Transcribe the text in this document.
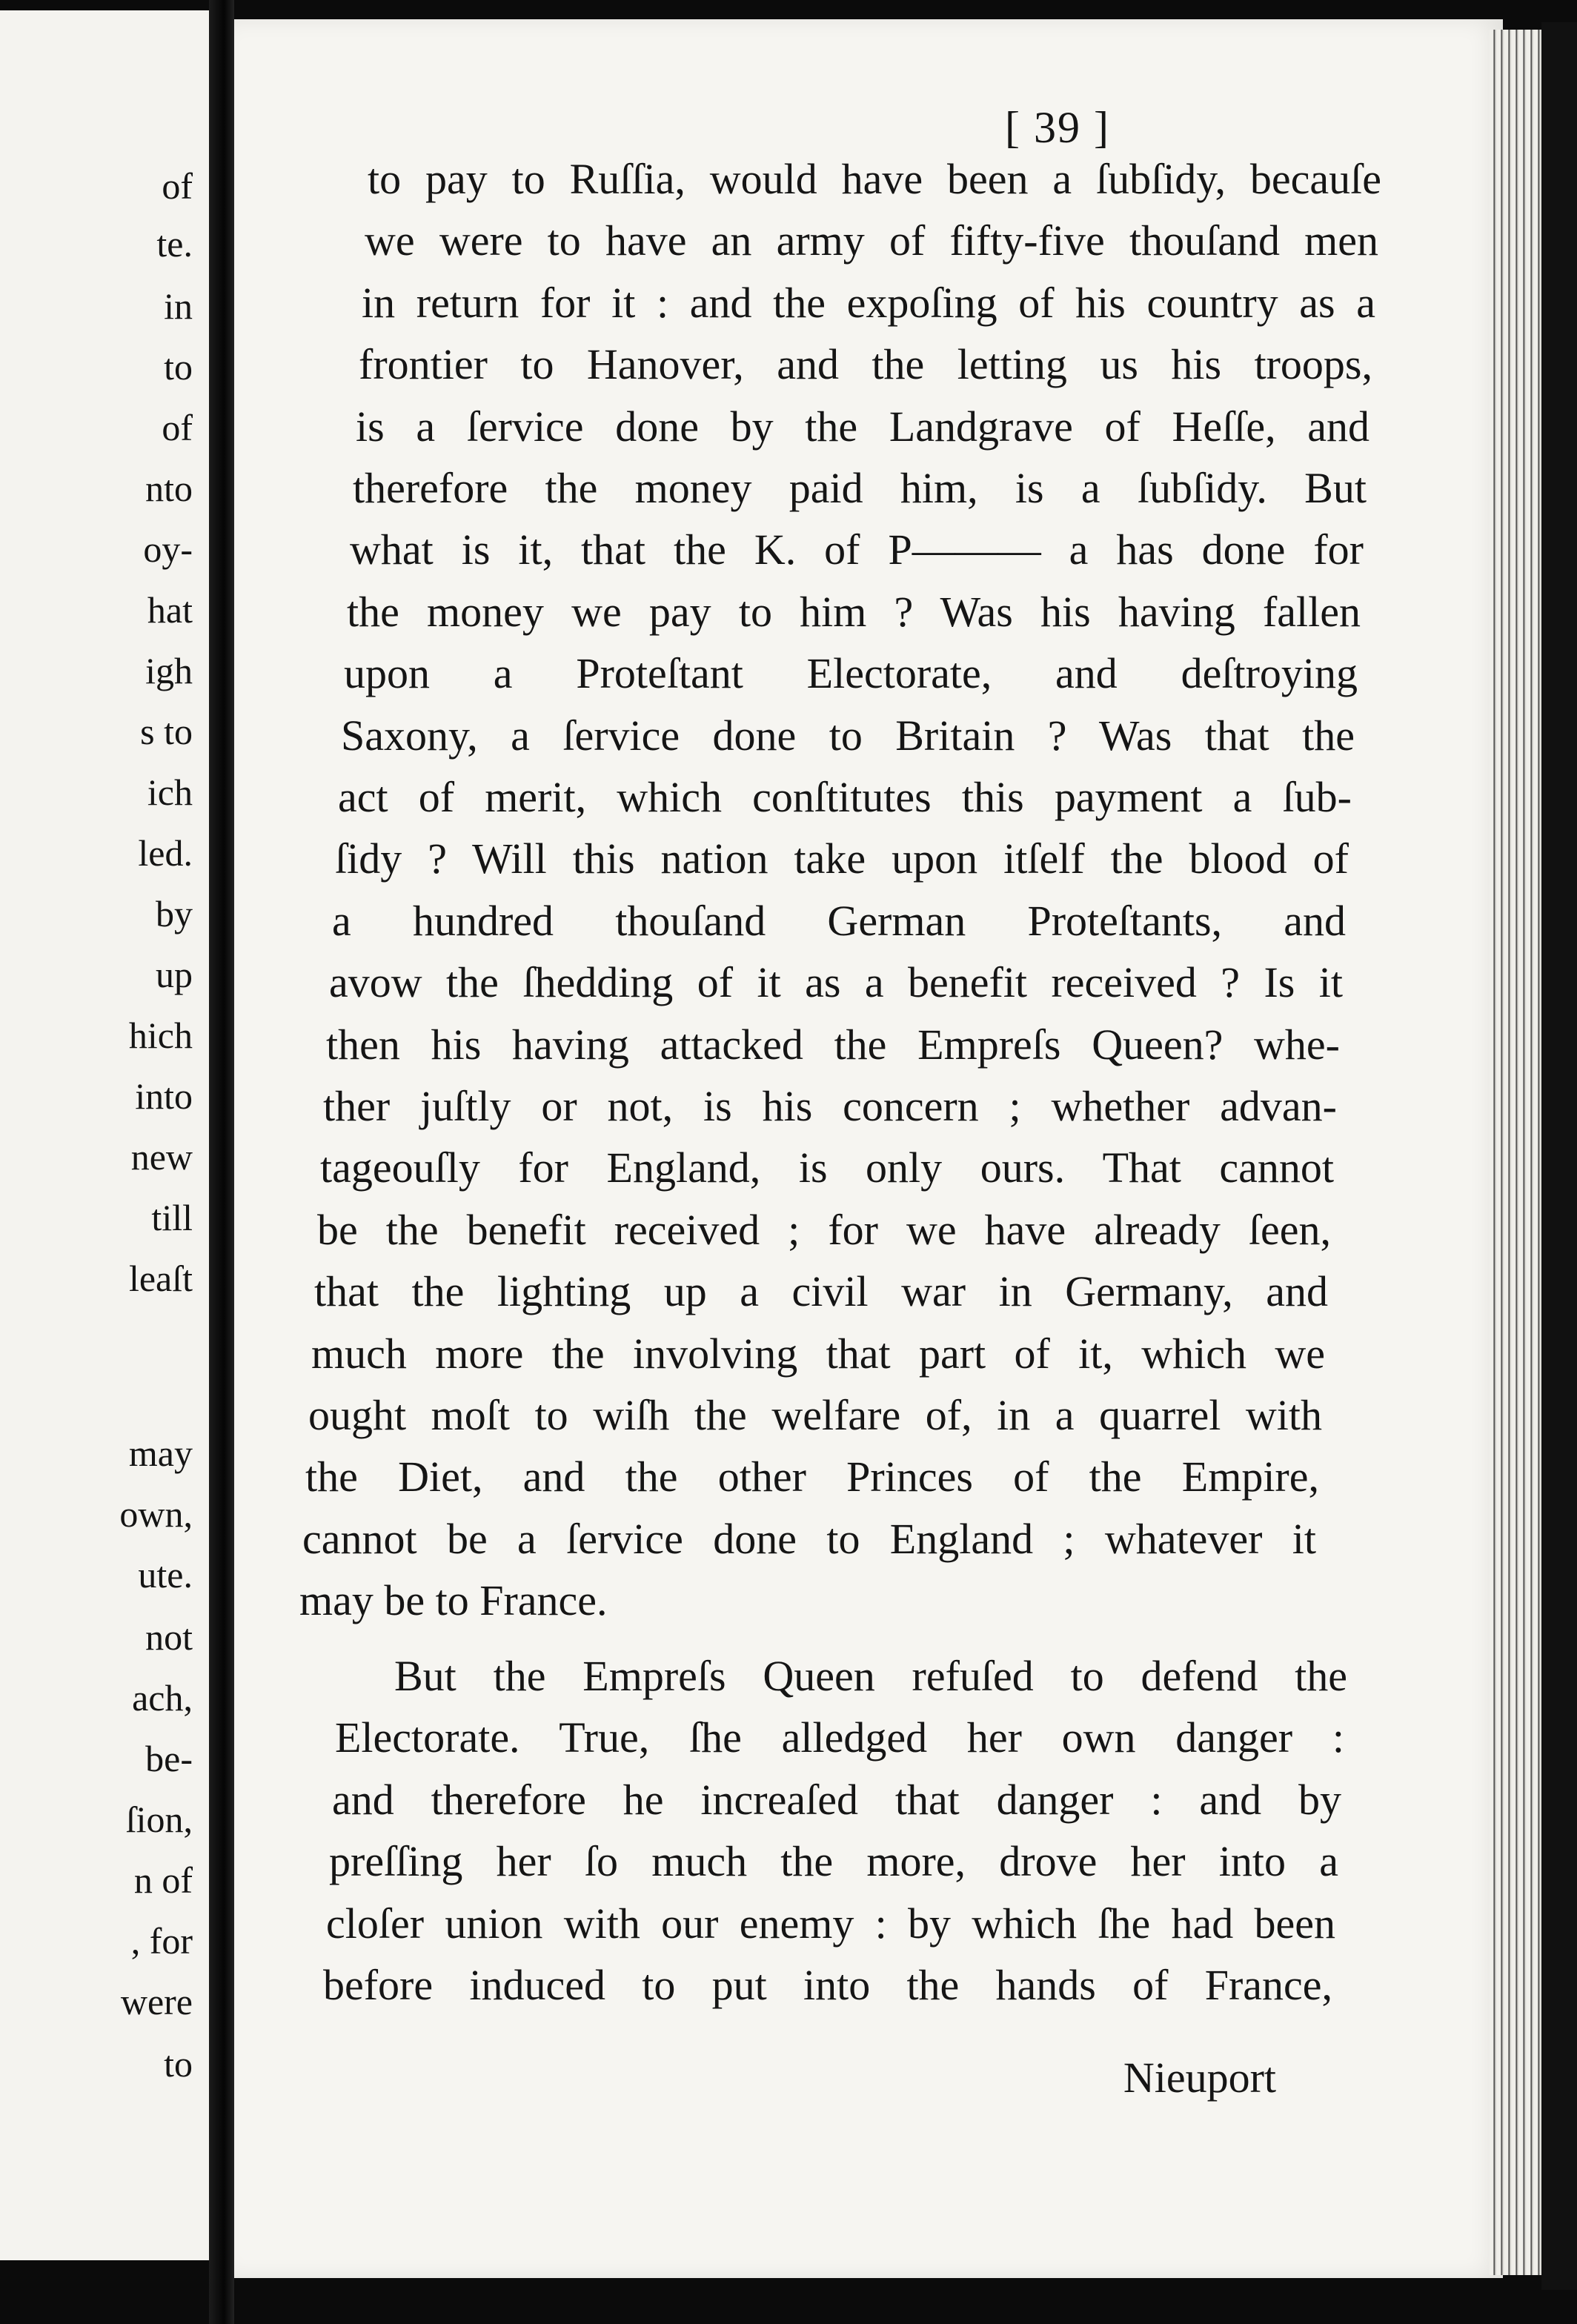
of
te.
in
to
of
nto
oy-
hat
igh
s to
ich
led.
by
up
hich
into
new
till
leaſt
may
own,
ute.
not
ach,
be-
ſion,
n of
, for
were
to
[ 39 ]
Nieuport
to pay to Ruſſia, would have been a ſubſidy, becauſe
we were to have an army of fifty-five thouſand men
in return for it : and the expoſing of his country as a
frontier to Hanover, and the letting us his troops,
is a ſervice done by the Landgrave of Heſſe, and
therefore the money paid him, is a ſubſidy. But
what is it, that the K. of P——— a has done for
the money we pay to him ? Was his having fallen
upon a Proteſtant Electorate, and deſtroying
Saxony, a ſervice done to Britain ? Was that the
act of merit, which conſtitutes this payment a ſub-
ſidy ? Will this nation take upon itſelf the blood of
a hundred thouſand German Proteſtants, and
avow the ſhedding of it as a benefit received ? Is it
then his having attacked the Empreſs Queen? whe-
ther juſtly or not, is his concern ; whether advan-
tageouſly for England, is only ours. That cannot
be the benefit received ; for we have already ſeen,
that the lighting up a civil war in Germany, and
much more the involving that part of it, which we
ought moſt to wiſh the welfare of, in a quarrel with
the Diet, and the other Princes of the Empire,
cannot be a ſervice done to England ; whatever it
may be to France.
But the Empreſs Queen refuſed to defend the
Electorate. True, ſhe alledged her own danger :
and therefore he increaſed that danger : and by
preſſing her ſo much the more, drove her into a
cloſer union with our enemy : by which ſhe had been
before induced to put into the hands of France,
